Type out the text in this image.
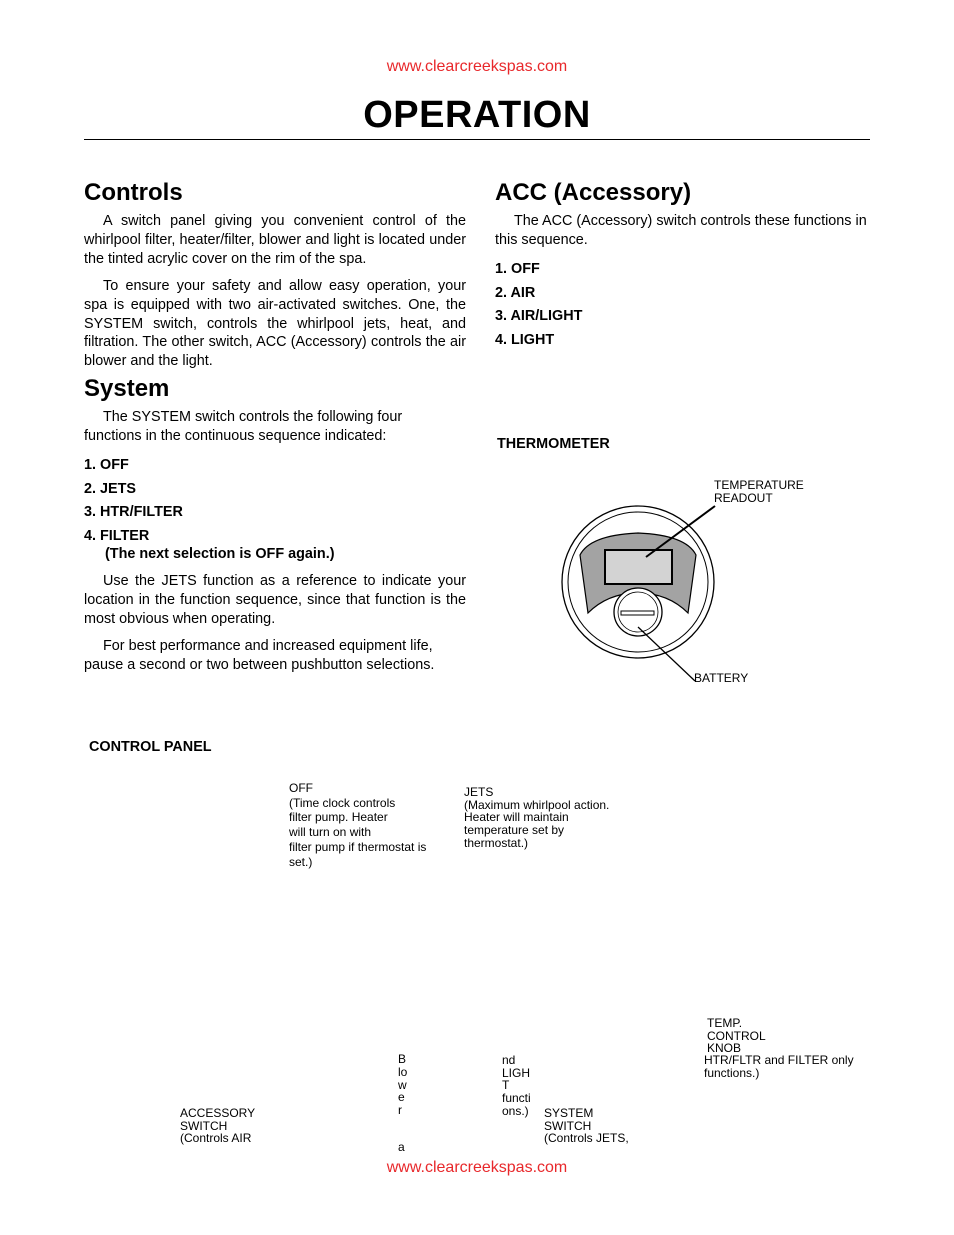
www.clearcreekspas.com
OPERATION
Controls

A switch panel giving you convenient control of the whirlpool filter, heater/filter, blower and light is located under the tinted acrylic cover on the rim of the spa.

To ensure your safety and allow easy operation, your spa is equipped with two air-activated switches. One, the SYSTEM switch, controls the whirlpool jets, heat, and filtration. The other switch, ACC (Accessory) controls the air blower and the light.

System

The SYSTEM switch controls the following four functions in the continuous sequence indicated:

1. OFF
2. JETS
3. HTR/FILTER
4. FILTER
(The next selection is OFF again.)

Use the JETS function as a reference to indicate your location in the function sequence, since that function is the most obvious when operating.

For best performance and increased equipment life, pause a second or two between pushbutton selections.

ACC (Accessory)

The ACC (Accessory) switch controls these functions in this sequence.

1. OFF
2. AIR
3. AIR/LIGHT
4. LIGHT
THERMOMETER
TEMPERATURE
READOUT
BATTERY
CONTROL PANEL
OFF
(Time clock controls
filter pump. Heater
will turn on with
filter pump if thermostat is
set.)
JETS
(Maximum whirlpool action.
Heater will maintain
temperature set by
thermostat.)
TEMP.
CONTROL
KNOB
HTR/FLTR and FILTER only
functions.)
Blower
a
nd
LIGH
T
functi
ons.) SYSTEM
SWITCH
(Controls JETS,
ACCESSORY
SWITCH
(Controls AIR
www.clearcreekspas.com
